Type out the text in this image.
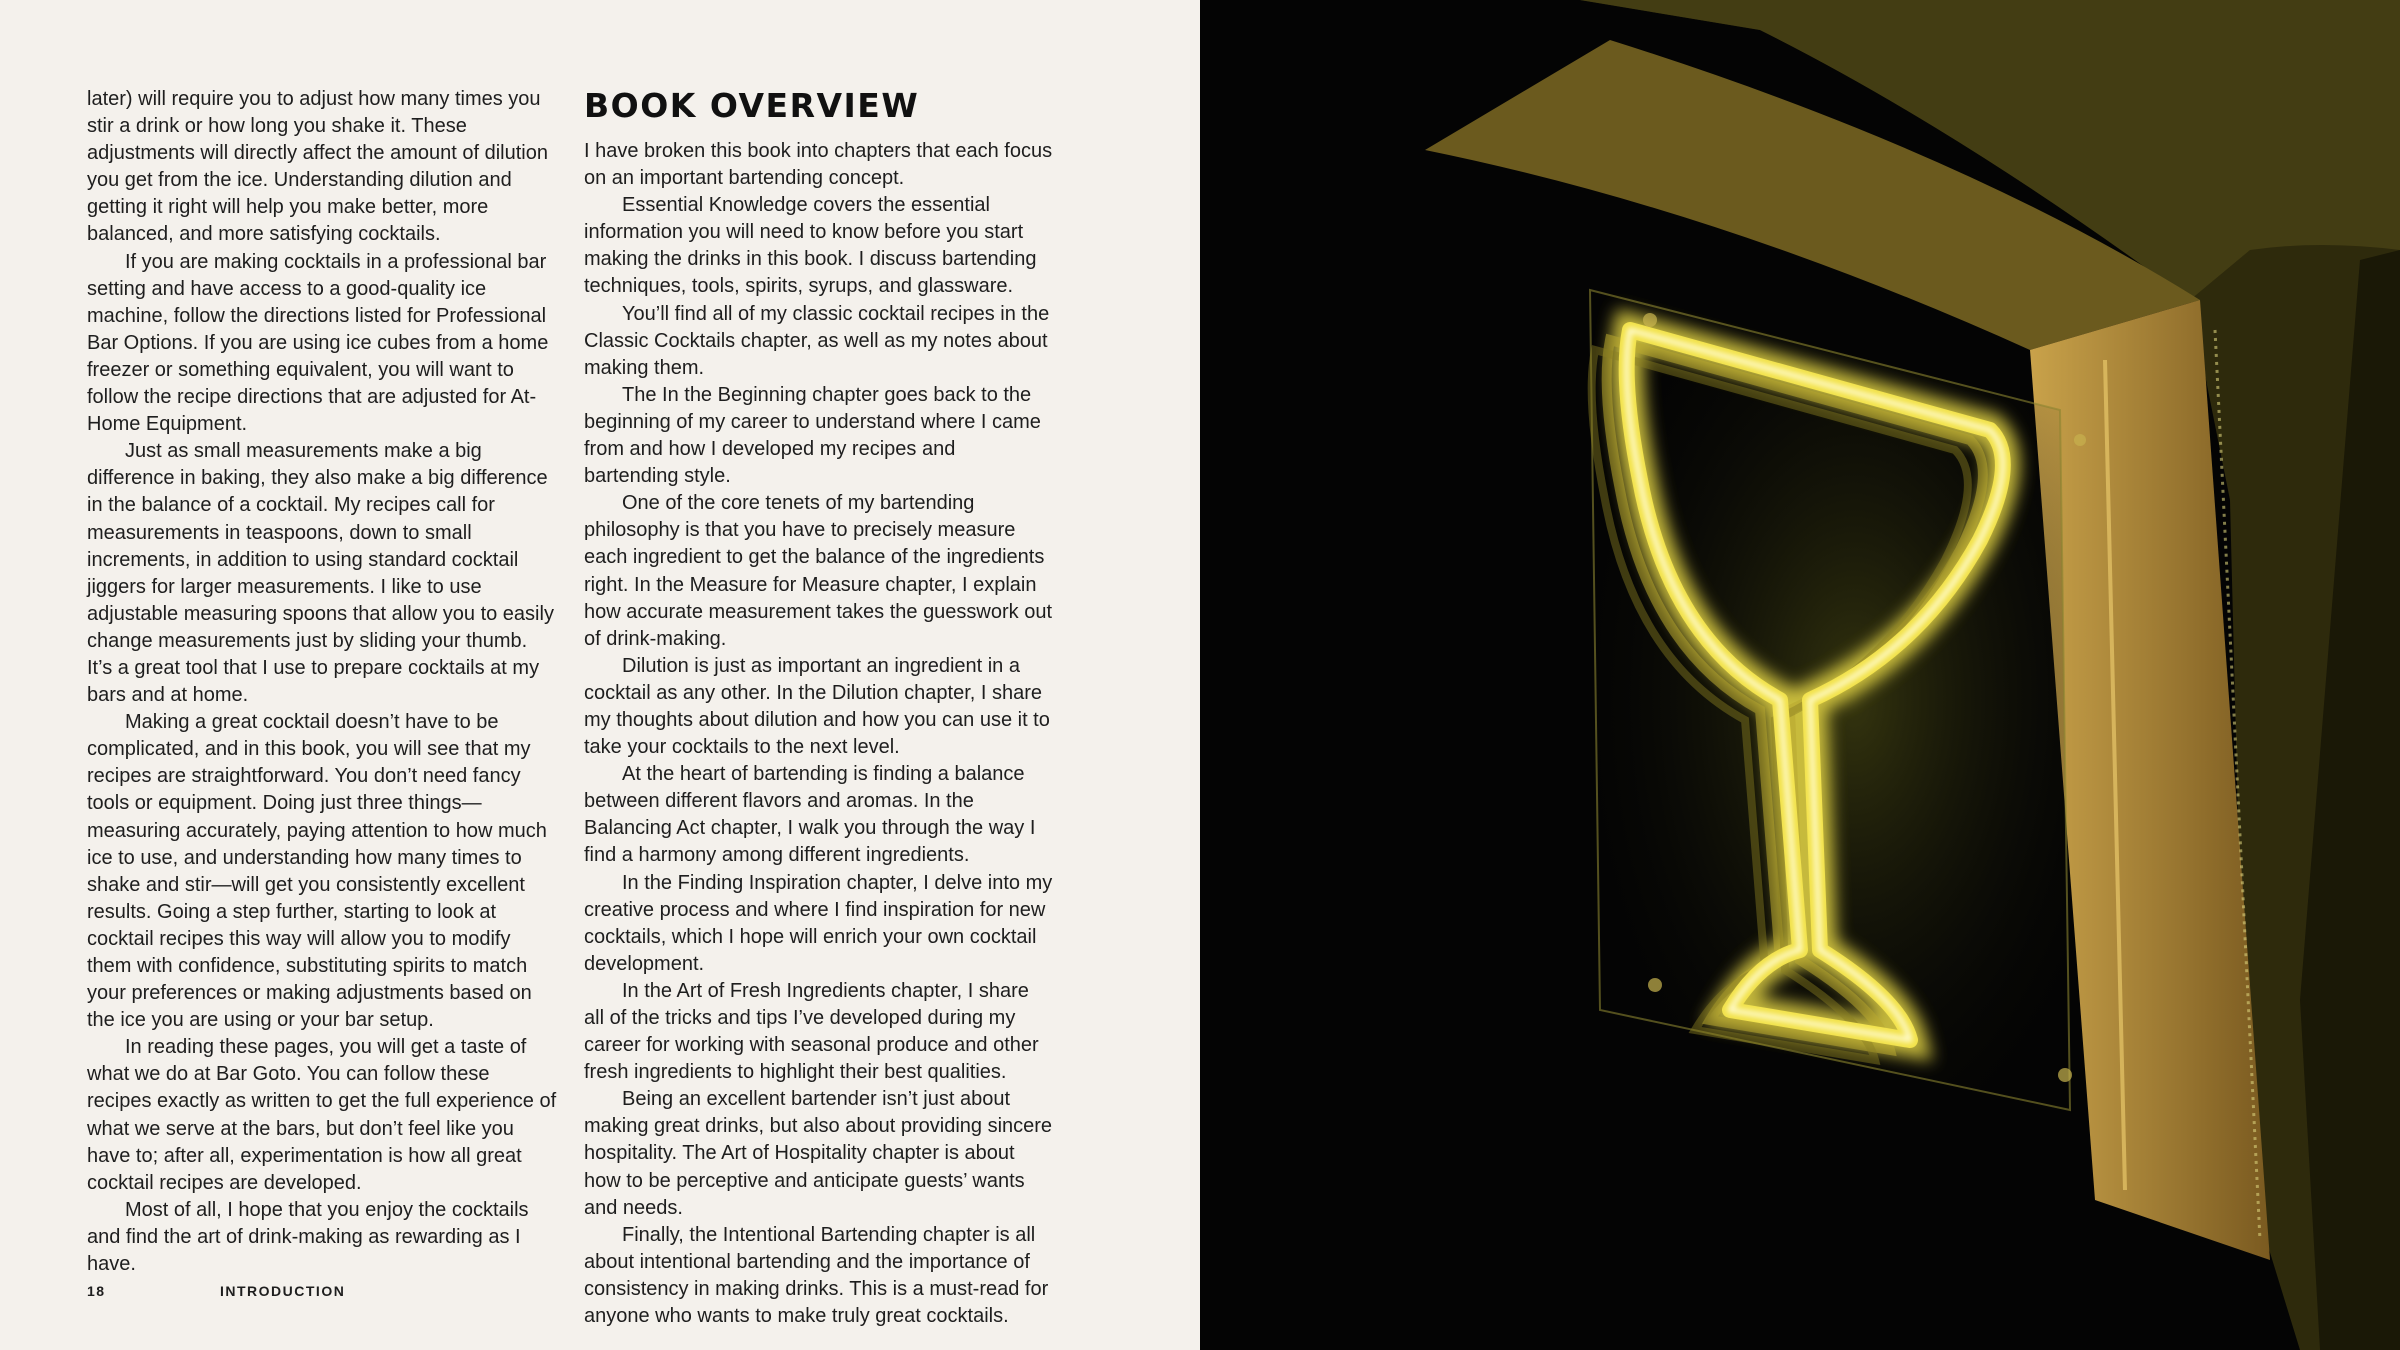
later) will require you to adjust how many times you stir a drink or how long you shake it. These adjustments will directly affect the amount of dilution you get from the ice. Understanding dilution and getting it right will help you make better, more balanced, and more satisfying cocktails.

If you are making cocktails in a professional bar setting and have access to a good-quality ice machine, follow the directions listed for Professional Bar Options. If you are using ice cubes from a home freezer or something equivalent, you will want to follow the recipe directions that are adjusted for At-Home Equipment.

Just as small measurements make a big difference in baking, they also make a big difference in the balance of a cocktail. My recipes call for measurements in teaspoons, down to small increments, in addition to using standard cocktail jiggers for larger measurements. I like to use adjustable measuring spoons that allow you to easily change measurements just by sliding your thumb. It’s a great tool that I use to prepare cocktails at my bars and at home.

Making a great cocktail doesn’t have to be complicated, and in this book, you will see that my recipes are straightforward. You don’t need fancy tools or equipment. Doing just three things—measuring accurately, paying attention to how much ice to use, and understanding how many times to shake and stir—will get you consistently excellent results. Going a step further, starting to look at cocktail recipes this way will allow you to modify them with confidence, substituting spirits to match your preferences or making adjustments based on the ice you are using or your bar setup.

In reading these pages, you will get a taste of what we do at Bar Goto. You can follow these recipes exactly as written to get the full experience of what we serve at the bars, but don’t feel like you have to; after all, experimentation is how all great cocktail recipes are developed.

Most of all, I hope that you enjoy the cocktails and find the art of drink-making as rewarding as I have.

BOOK OVERVIEW

I have broken this book into chapters that each focus on an important bartending concept.

Essential Knowledge covers the essential information you will need to know before you start making the drinks in this book. I discuss bartending techniques, tools, spirits, syrups, and glassware.

You’ll find all of my classic cocktail recipes in the Classic Cocktails chapter, as well as my notes about making them.

The In the Beginning chapter goes back to the beginning of my career to understand where I came from and how I developed my recipes and bartending style.

One of the core tenets of my bartending philosophy is that you have to precisely measure each ingredient to get the balance of the ingredients right. In the Measure for Measure chapter, I explain how accurate measurement takes the guesswork out of drink-making.

Dilution is just as important an ingredient in a cocktail as any other. In the Dilution chapter, I share my thoughts about dilution and how you can use it to take your cocktails to the next level.

At the heart of bartending is finding a balance between different flavors and aromas. In the Balancing Act chapter, I walk you through the way I find a harmony among different ingredients.

In the Finding Inspiration chapter, I delve into my creative process and where I find inspiration for new cocktails, which I hope will enrich your own cocktail development.

In the Art of Fresh Ingredients chapter, I share all of the tricks and tips I’ve developed during my career for working with seasonal produce and other fresh ingredients to highlight their best qualities.

Being an excellent bartender isn’t just about making great drinks, but also about providing sincere hospitality. The Art of Hospitality chapter is about how to be perceptive and anticipate guests’ wants and needs.

Finally, the Intentional Bartending chapter is all about intentional bartending and the importance of consistency in making drinks. This is a must-read for anyone who wants to make truly great cocktails.

18	INTRODUCTION
